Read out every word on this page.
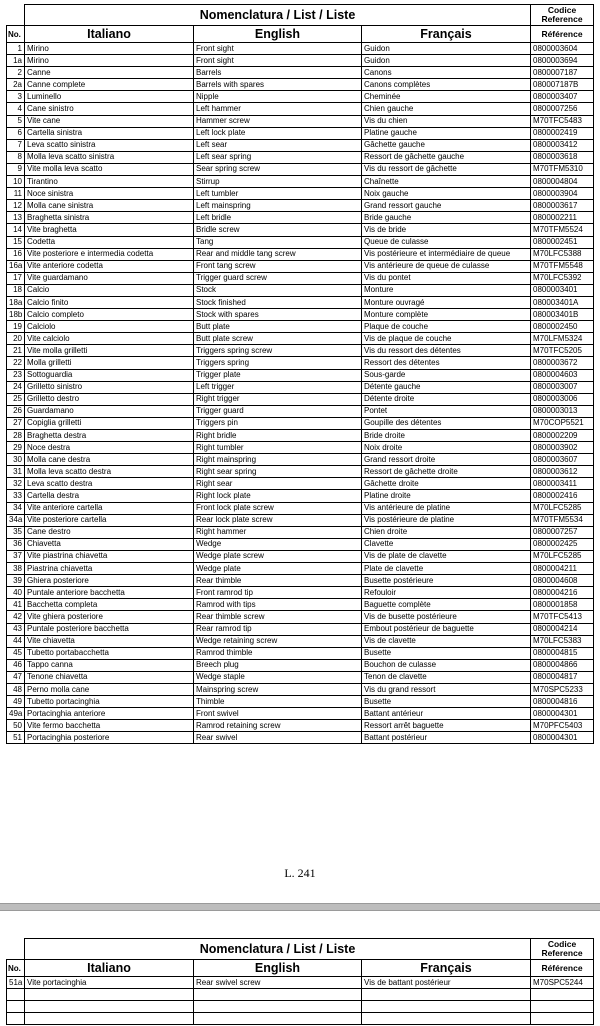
	Nomenclatura / List / Liste			Codice
Reference

No.	Italiano	English	Français	Référence
1	Mirino	Front sight	Guidon	0800003604
1a	Mirino	Front sight	Guidon	0800003694
2	Canne	Barrels	Canons	0800007187
2a	Canne complete	Barrels with spares	Canons complètes	080007187B
3	Luminello	Nipple	Cheminée	0800003407
4	Cane sinistro	Left hammer	Chien gauche	0800007256
5	Vite cane	Hammer screw	Vis du chien	M70TFC5483
6	Cartella sinistra	Left lock plate	Platine gauche	0800002419
7	Leva scatto sinistra	Left sear	Gâchette gauche	0800003412
8	Molla leva scatto sinistra	Left sear spring	Ressort de gâchette gauche	0800003618
9	Vite molla leva scatto	Sear spring screw	Vis du ressort de gâchette	M70TFM5310
10	Tirantino	Stirrup	Chaînette	0800004804
11	Noce sinistra	Left tumbler	Noix gauche	0800003904
12	Molla cane sinistra	Left mainspring	Grand ressort gauche	0800003617
13	Braghetta sinistra	Left bridle	Bride gauche	0800002211
14	Vite braghetta	Bridle screw	Vis de bride	M70TFM5524
15	Codetta	Tang	Queue de culasse	0800002451
16	Vite posteriore e intermedia codetta	Rear and middle tang screw	Vis postérieure et intermédiaire de queue	M70LFC5388
16a	Vite anteriore codetta	Front tang screw	Vis antérieure de queue de culasse	M70TFM5548
17	Vite guardamano	Trigger guard screw	Vis du pontet	M70LFC5392
18	Calcio	Stock	Monture	0800003401
18a	Calcio finito	Stock finished	Monture ouvragé	080003401A
18b	Calcio completo	Stock with spares	Monture complète	080003401B
19	Calciolo	Butt plate	Plaque de couche	0800002450
20	Vite calciolo	Butt plate screw	Vis de plaque de couche	M70LFM5324
21	Vite molla grilletti	Triggers spring screw	Vis du ressort des détentes	M70TFC5205
22	Molla grilletti	Triggers spring	Ressort des détentes	0800003672
23	Sottoguardia	Trigger plate	Sous-garde	0800004603
24	Grilletto sinistro	Left trigger	Détente gauche	0800003007
25	Grilletto destro	Right trigger	Détente droite	0800003006
26	Guardamano	Trigger guard	Pontet	0800003013
27	Copiglia grilletti	Triggers pin	Goupille des détentes	M70COP5521
28	Braghetta destra	Right bridle	Bride droite	0800002209
29	Noce destra	Right tumbler	Noix droite	0800003902
30	Molla cane destra	Right mainspring	Grand ressort droite	0800003607
31	Molla leva scatto destra	Right sear spring	Ressort de gâchette droite	0800003612
32	Leva scatto destra	Right sear	Gâchette droite	0800003411
33	Cartella destra	Right lock plate	Platine droite	0800002416
34	Vite anteriore cartella	Front lock plate screw	Vis antérieure de platine	M70LFC5285
34a	Vite posteriore cartella	Rear lock plate screw	Vis postérieure de platine	M70TFM5534
35	Cane destro	Right hammer	Chien droite	0800007257
36	Chiavetta	Wedge	Clavette	0800002425
37	Vite piastrina chiavetta	Wedge plate screw	Vis de plate de clavette	M70LFC5285
38	Piastrina chiavetta	Wedge plate	Plate de clavette	0800004211
39	Ghiera posteriore	Rear thimble	Busette postérieure	0800004608
40	Puntale anteriore bacchetta	Front ramrod tip	Refouloir	0800004216
41	Bacchetta completa	Ramrod with tips	Baguette complète	0800001858
42	Vite ghiera posteriore	Rear thimble screw	Vis de busette postérieure	M70TFC5413
43	Puntale posteriore bacchetta	Rear ramrod tip	Embout postérieur de baguette	0800004214
44	Vite chiavetta	Wedge retaining screw	Vis de clavette	M70LFC5383
45	Tubetto portabacchetta	Ramrod thimble	Busette	0800004815
46	Tappo canna	Breech plug	Bouchon de culasse	0800004866
47	Tenone chiavetta	Wedge staple	Tenon de clavette	0800004817
48	Perno molla cane	Mainspring screw	Vis du grand ressort	M70SPC5233
49	Tubetto portacinghia	Thimble	Busette	0800004816
49a	Portacinghia anteriore	Front swivel	Battant antérieur	0800004301
50	Vite fermo bacchetta	Ramrod retaining screw	Ressort arrêt baguette	M70PFC5403
51	Portacinghia posteriore	Rear swivel	Battant postérieur	0800004301
L. 241
	Nomenclatura / List / Liste			Codice
Reference

No.	Italiano	English	Français	Référence
51a	Vite portacinghia	Rear swivel screw	Vis de battant postérieur	M70SPC5244
